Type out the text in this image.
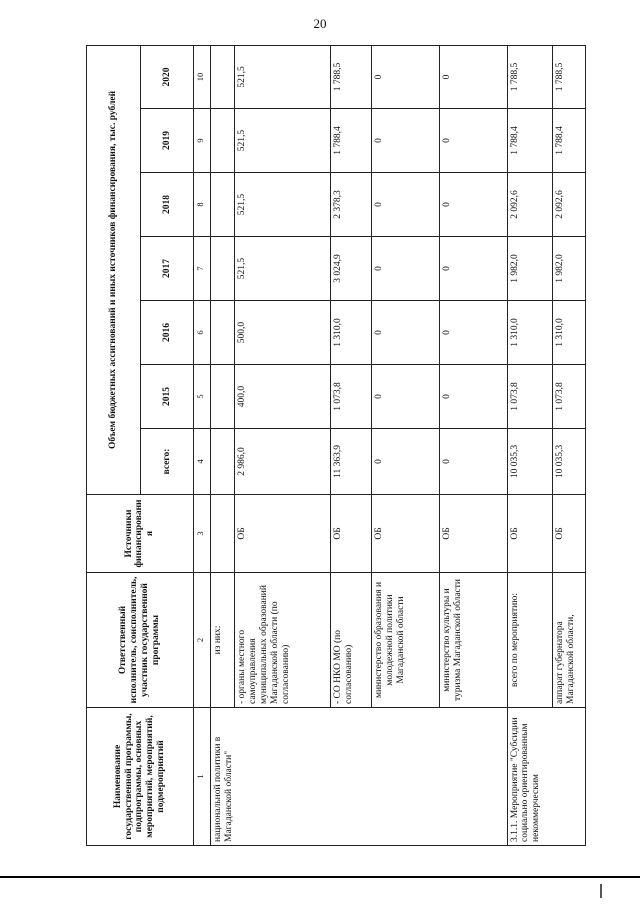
20
Наименование государственной программы, подпрограммы, основных мероприятий, мероприятий, подмероприятий	Ответственный исполнитель, соисполнитель, участник государственной программы	Источники финансирования	Объем бюджетных ассигнований и иных источников финансирования, тыс. рублей						
			всего:	2015	2016	2017	2018	2019	2020
1	2	3	4	5	6	7	8	9	10
национальной политики в Магаданской области"	из них:								
	- органы местного самоуправления муниципальных образований Магаданской области (по согласованию)	ОБ	2 986,0	400,0	500,0	521,5	521,5	521,5	521,5
	- СО НКО МО (по согласованию)	ОБ	11 363,9	1 073,8	1 310,0	3 024,9	2 378,3	1 788,4	1 788,5
	министерство образования и молодежной политики Магаданской области	ОБ	0	0	0	0	0	0	0
	министерство культуры и туризма Магаданской области	ОБ	0	0	0	0	0	0	0
3.1.1. Мероприятие "Субсидии социально ориентированным некоммерческим	всего по мероприятию:	ОБ	10 035,3	1 073,8	1 310,0	1 982,0	2 092,6	1 788,4	1 788,5
	аппарат губернатора Магаданской области,	ОБ	10 035,3	1 073,8	1 310,0	1 982,0	2 092,6	1 788,4	1 788,5
